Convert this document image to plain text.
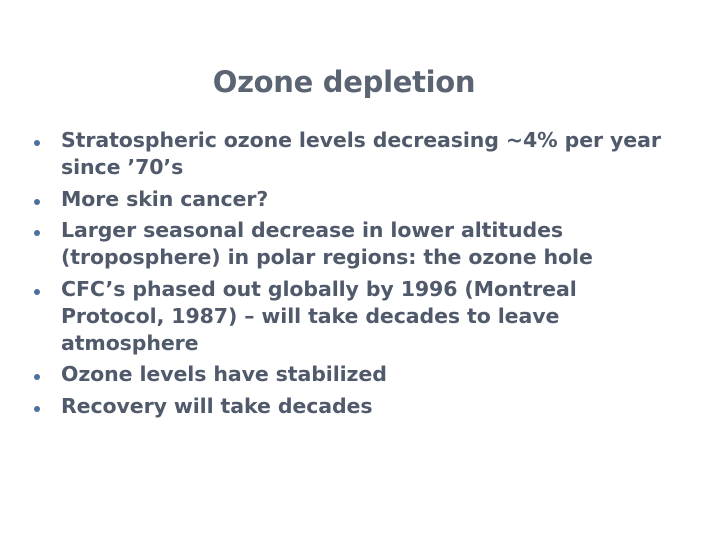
Ozone depletion
Stratospheric ozone levels decreasing ~4% per year since ’70’s
More skin cancer?
Larger seasonal decrease in lower altitudes (troposphere) in polar regions: the ozone hole
CFC’s phased out globally by 1996 (Montreal Protocol, 1987) – will take decades to leave atmosphere
Ozone levels have stabilized
Recovery will take decades
